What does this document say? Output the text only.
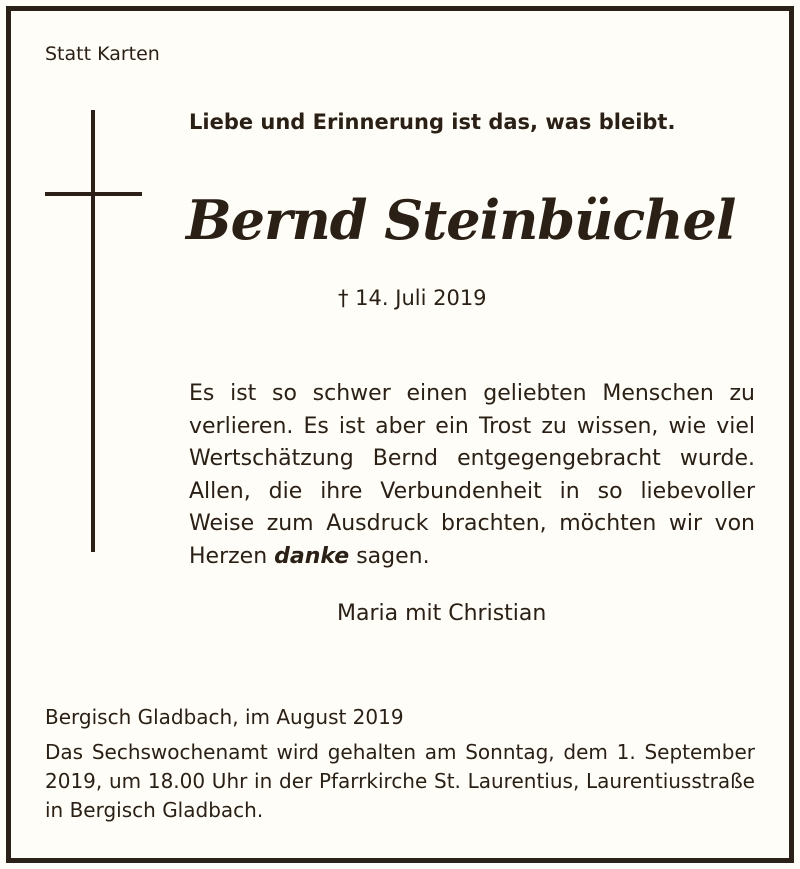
Statt Karten
Liebe und Erinnerung ist das, was bleibt.
Bernd Steinbüchel
† 14. Juli 2019
Es ist so schwer einen geliebten Menschen zu
verlieren. Es ist aber ein Trost zu wissen, wie viel
Wertschätzung Bernd entgegengebracht wurde.
Allen, die ihre Verbundenheit in so liebevoller
Weise zum Ausdruck brachten, möchten wir von
Herzen danke sagen.
Maria mit Christian
Bergisch Gladbach, im August 2019
Das Sechswochenamt wird gehalten am Sonntag, dem 1. September
2019, um 18.00 Uhr in der Pfarrkirche St. Laurentius, Laurentiusstraße
in Bergisch Gladbach.
